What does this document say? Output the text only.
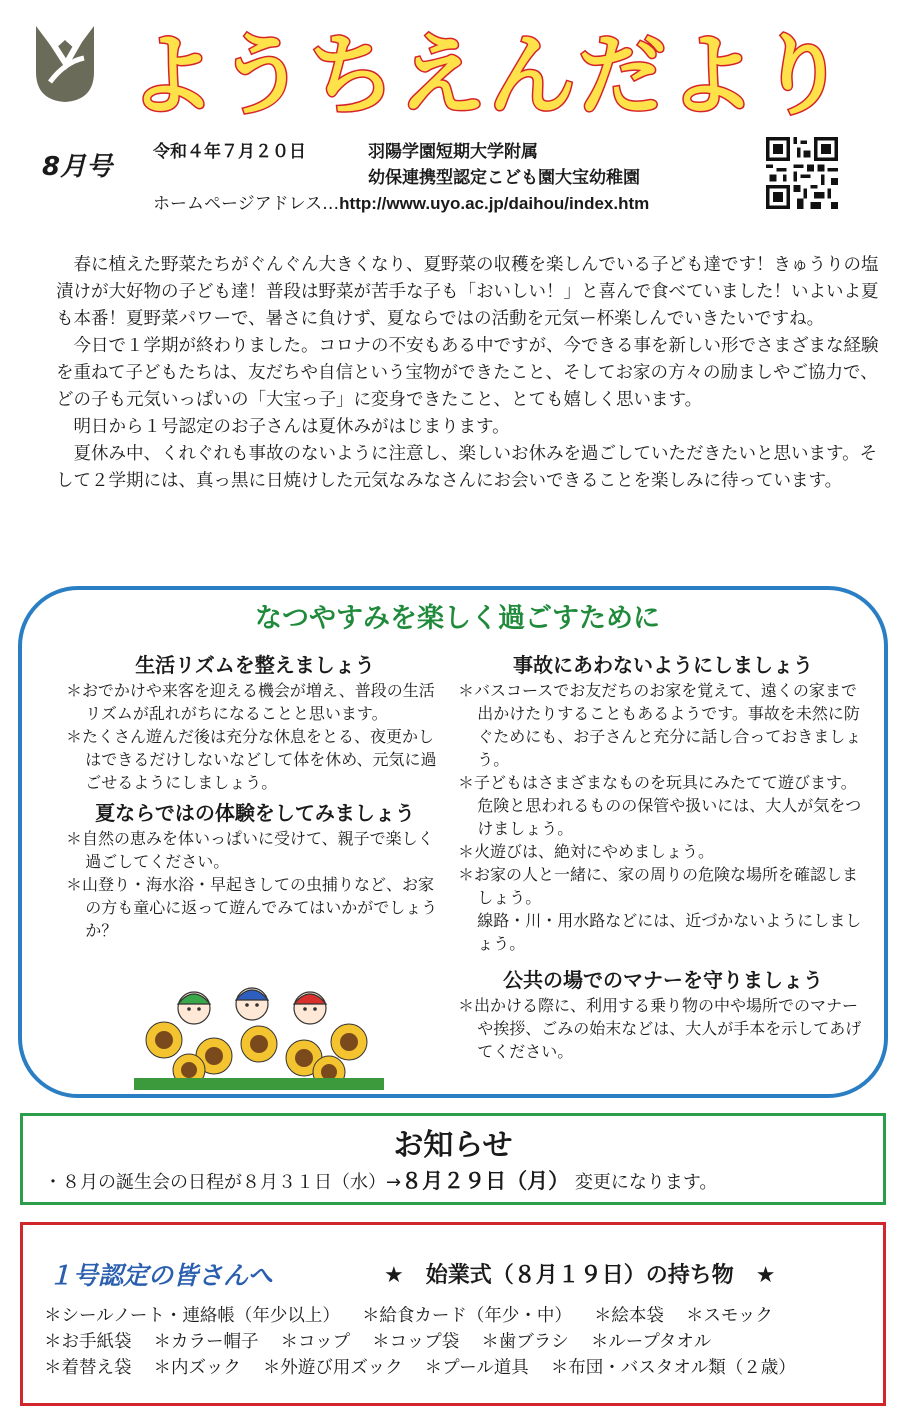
ようちえんだより
8月号 令和４年７月２０日	羽陽学園短期大学附属
幼保連携型認定こども園大宝幼稚園
ホームページアドレス…http://www.uyo.ac.jp/daihou/index.htm

春に植えた野菜たちがぐんぐん大きくなり、夏野菜の収穫を楽しんでいる子ども達です！きゅうりの塩漬けが大好物の子ども達！普段は野菜が苦手な子も「おいしい！」と喜んで食べていました！いよいよ夏も本番！夏野菜パワーで、暑さに負けず、夏ならではの活動を元気ー杯楽しんでいきたいですね。

今日で１学期が終わりました。コロナの不安もある中ですが、今できる事を新しい形でさまざまな経験を重ねて子どもたちは、友だちや自信という宝物ができたこと、そしてお家の方々の励ましやご協力で、どの子も元気いっぱいの「大宝っ子」に変身できたこと、とても嬉しく思います。

明日から１号認定のお子さんは夏休みがはじまります。

夏休み中、くれぐれも事故のないように注意し、楽しいお休みを過ごしていただきたいと思います。そして２学期には、真っ黒に日焼けした元気なみなさんにお会いできることを楽しみに待っています。

なつやすみを楽しく過ごすために
生活リズムを整えましょう
＊おでかけや来客を迎える機会が増え、普段の生活リズムが乱れがちになることと思います。
＊たくさん遊んだ後は充分な休息をとる、夜更かしはできるだけしないなどして体を休め、元気に過ごせるようにしましょう。
夏ならではの体験をしてみましょう
＊自然の恵みを体いっぱいに受けて、親子で楽しく過ごしてください。
＊山登り・海水浴・早起きしての虫捕りなど、お家の方も童心に返って遊んでみてはいかがでしょうか？
事故にあわないようにしましょう
＊バスコースでお友だちのお家を覚えて、遠くの家まで出かけたりすることもあるようです。事故を未然に防ぐためにも、お子さんと充分に話し合っておきましょう。
＊子どもはさまざまなものを玩具にみたてて遊びます。危険と思われるものの保管や扱いには、大人が気をつけましょう。
＊火遊びは、絶対にやめましょう。
＊お家の人と一緒に、家の周りの危険な場所を確認しましょう。
線路・川・用水路などには、近づかないようにしましょう。
公共の場でのマナーを守りましょう
＊出かける際に、利用する乗り物の中や場所でのマナーや挨拶、ごみの始末などは、大人が手本を示してあげてください。
お知らせ
・８月の誕生会の日程が８月３１日（水）→８月２９日（月） 変更になります。
１号認定の皆さんへ	★　始業式（８月１９日）の持ち物　★
＊シールノート・連絡帳（年少以上） ＊給食カード（年少・中） ＊絵本袋 ＊スモック
＊お手紙袋 ＊カラー帽子 ＊コップ ＊コップ袋 ＊歯ブラシ ＊ループタオル
＊着替え袋 ＊内ズック ＊外遊び用ズック ＊プール道具 ＊布団・バスタオル類（２歳）
